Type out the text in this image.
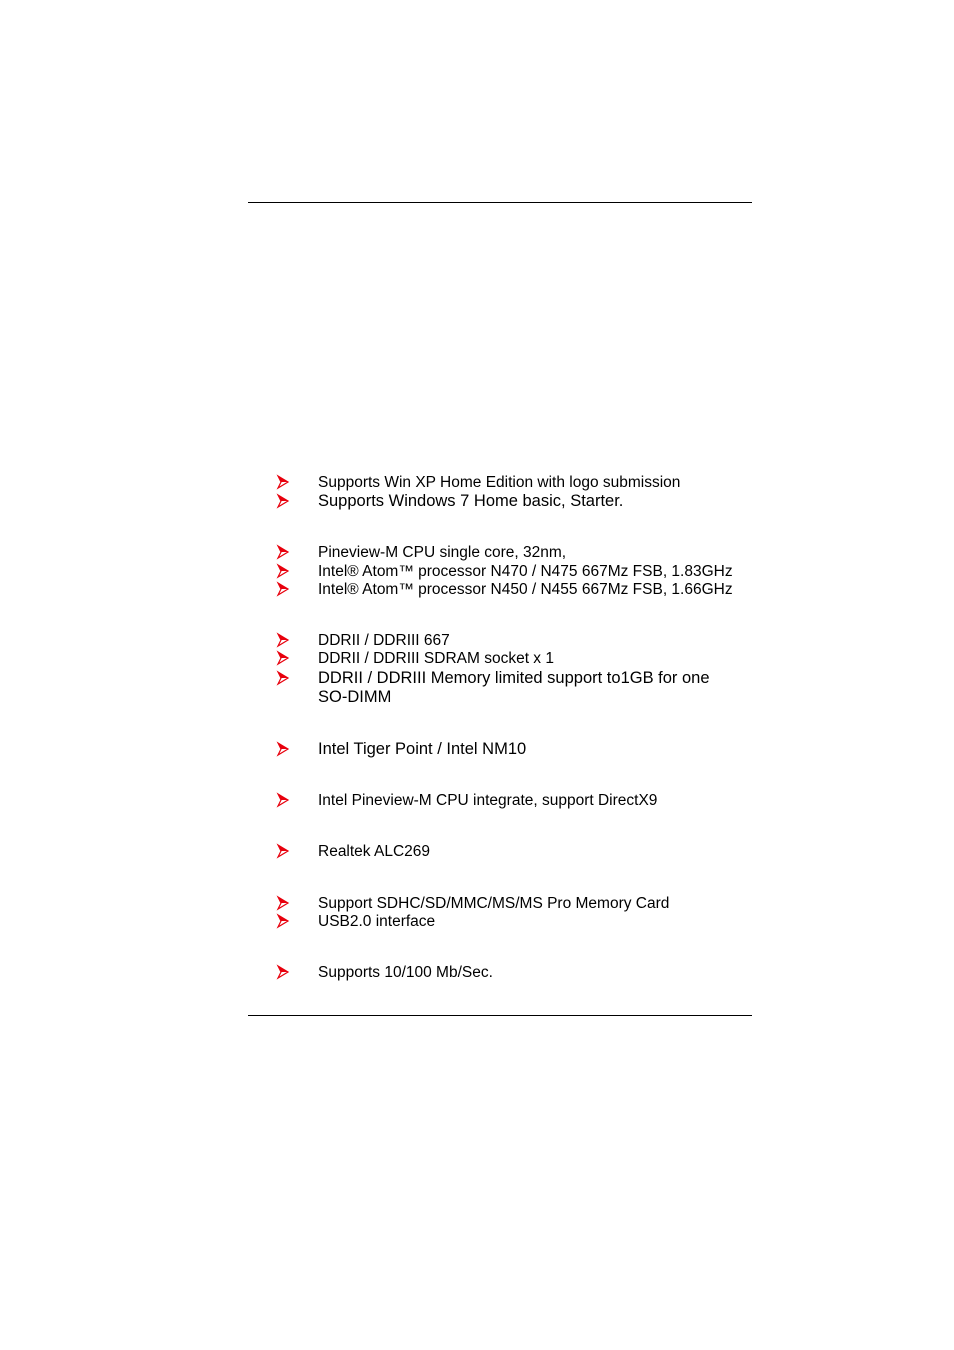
Supports Win XP Home Edition with logo submission
Supports Windows 7 Home basic, Starter.
Pineview-M CPU single core, 32nm,
Intel® Atom™ processor N470 / N475 667Mz FSB, 1.83GHz
Intel® Atom™ processor N450 / N455 667Mz FSB, 1.66GHz
DDRII / DDRIII 667
DDRII / DDRIII SDRAM socket x 1
DDRII / DDRIII Memory limited support to1GB for one SO-DIMM
Intel Tiger Point / Intel NM10
Intel Pineview-M CPU integrate, support DirectX9
Realtek ALC269
Support SDHC/SD/MMC/MS/MS Pro Memory Card
USB2.0 interface
Supports 10/100 Mb/Sec.
